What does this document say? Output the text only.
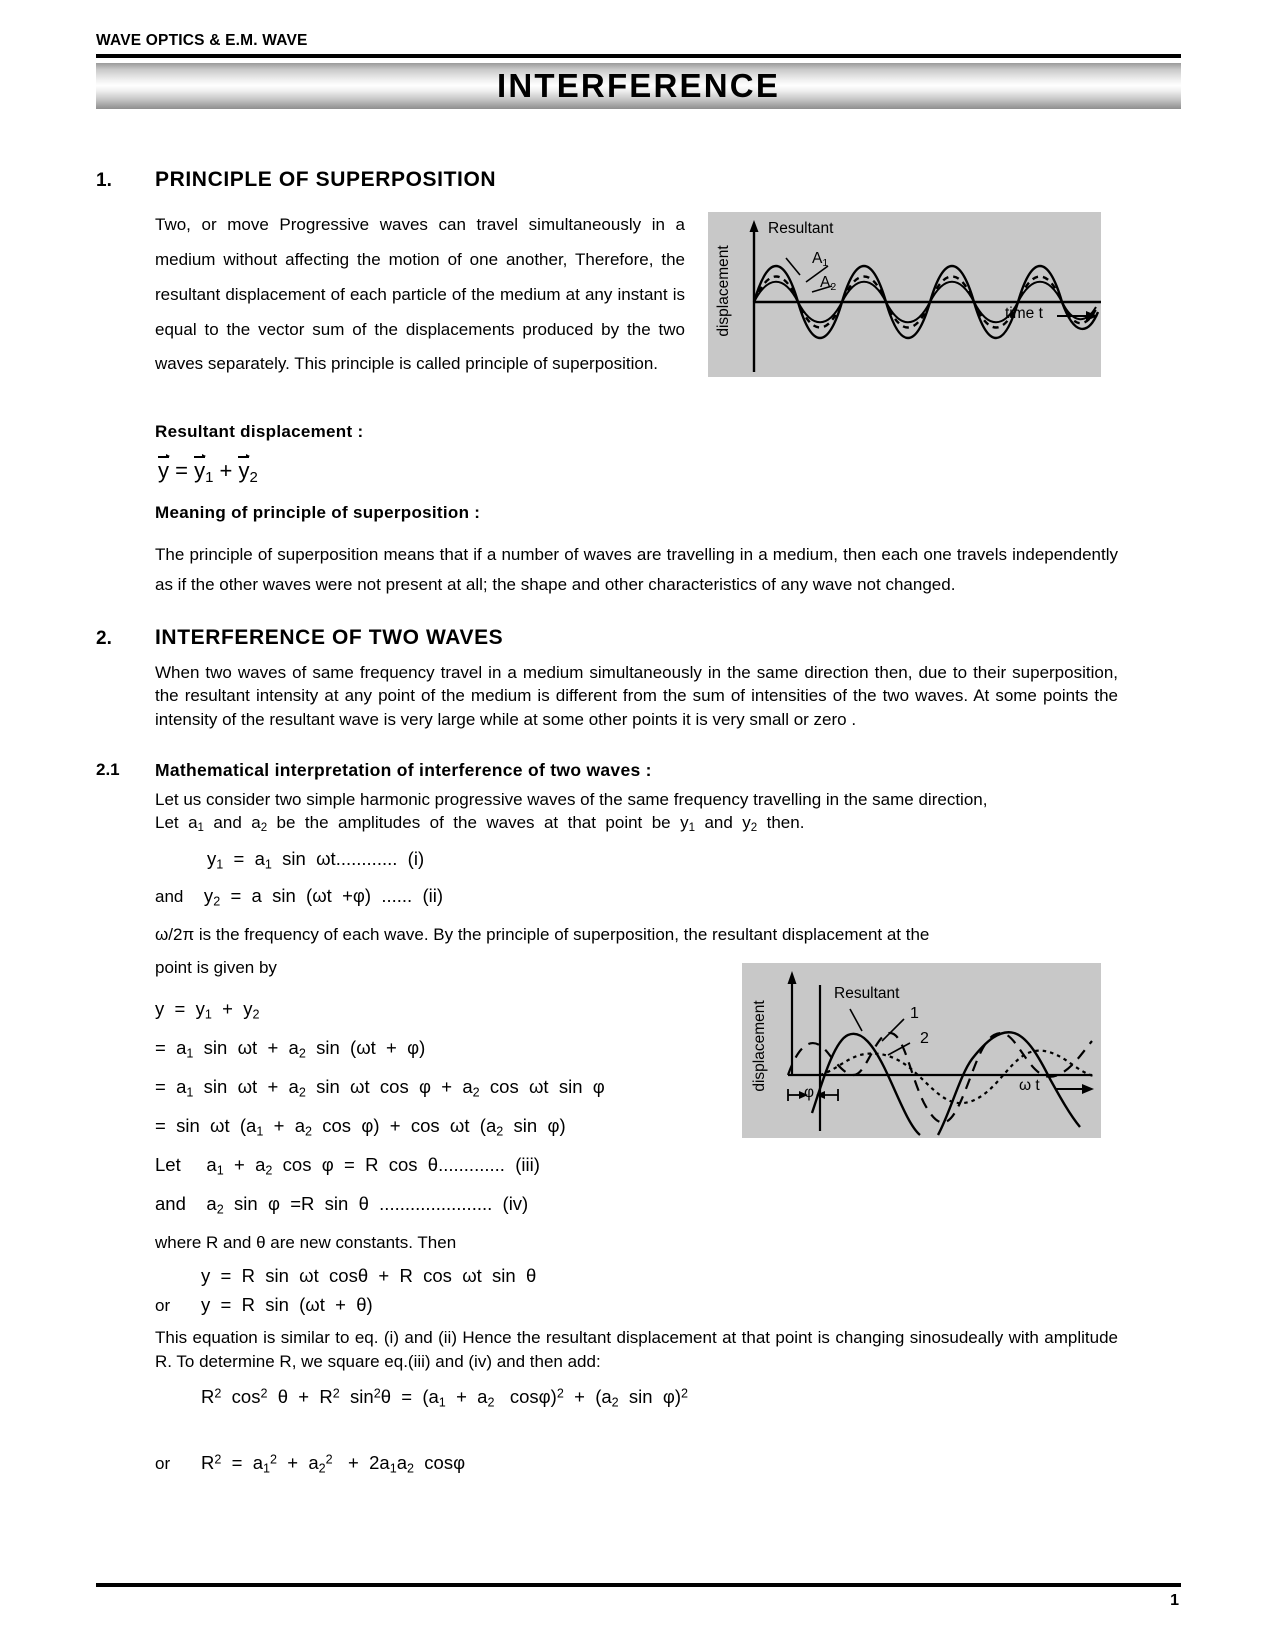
WAVE OPTICS & E.M. WAVE
INTERFERENCE
1. PRINCIPLE OF SUPERPOSITION
Two, or move Progressive waves can travel simultaneously in a medium without affecting the motion of one another, Therefore, the resultant displacement of each particle of the medium at any instant is equal to the vector sum of the displacements produced by the two waves separately. This principle is called principle of superposition.
Resultant
$A_1$
$A_2$
displacement	time t
Resultant displacement :
$y = y_1 + y_2$
Meaning of principle of superposition :
The principle of superposition means that if a number of waves are travelling in a medium, then each one travels independently as if the other waves were not present at all; the shape and other characteristics of any wave not changed.
2. INTERFERENCE OF TWO WAVES
When two waves of same frequency travel in a medium simultaneously in the same direction then, due to their superposition, the resultant intensity at any point of the medium is different from the sum of intensities of the two waves. At some points the intensity of the resultant wave is very large while at some other points it is very small or zero .
2.1 Mathematical interpretation of interference of two waves :
Let us consider two simple harmonic progressive waves of the same frequency travelling in the same direction,
Let  $a_1$  and  $a_2$  be  the  amplitudes  of  the  waves  at  that  point  be  $y_1$  and  $y_2$  then.
$y_1 = a_1$  sin  ωt............ (i)
and    $y_2 = a$  sin  (ωt  +φ)  ...... (ii)
ω/2π is the frequency of each wave. By the principle of superposition, the resultant displacement at the
point is given by
Resultant
1
2
φ
displacement	ω t
$y = y_1 + y_2$
=  $a_1$  $\sin \omega t + a_2$  sin  (ωt  +  φ)
=  $a_1$  $\sin \omega t + a_2$  sin  ωt  $\cos \varphi + a_2$  cos  ωt  sin  φ
=  sin  ωt  ($a_1 + a_2$  cos  φ)  +  cos  ωt  ($a_2$  sin  φ)
Let     $a_1 + a_2$  cos  φ  =  R  cos  θ............. (iii)
and    $a_2$  sin  φ  =R  sin  θ  ...................... (iv)
where R and θ are new constants. Then
y  =  R  sin  ωt  cosθ  +  R  cos  ωt  sin  θ
or      y  =  R  sin  (ωt  +  θ)
This equation is similar to eq. (i) and (ii) Hence the resultant displacement at that point is changing sinosudeally with amplitude R. To determine R, we square eq.(iii) and (iv) and then add:
$R^2$  $\cos^2 \theta + R^2$  $\sin^2\theta = (a_1 + a_2$   $\cos\varphi)^2 + (a_2$  sin  φ)$^2$
or      $R^2 = a_1^2 + a_2^2 + 2a_1a_2$  cosφ
1
